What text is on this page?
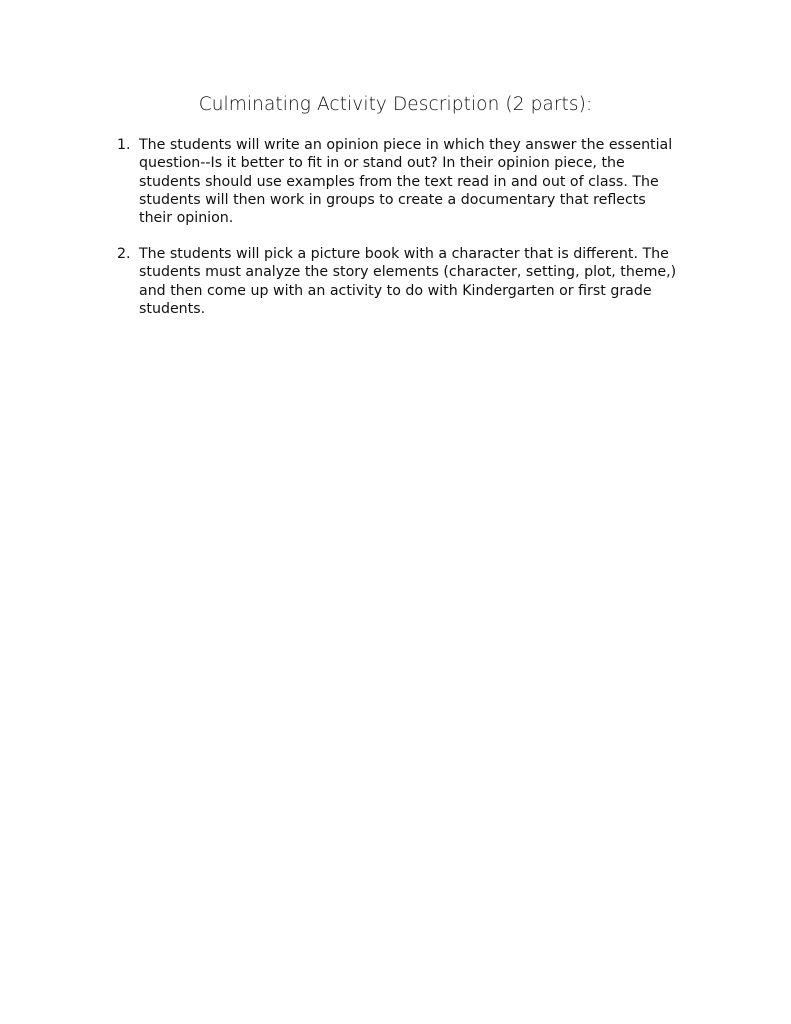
Culminating Activity Description (2 parts):
1. The students will write an opinion piece in which they answer the essential question--Is it better to fit in or stand out? In their opinion piece, the students should use examples from the text read in and out of class. The students will then work in groups to create a documentary that reflects their opinion.
2. The students will pick a picture book with a character that is different. The students must analyze the story elements (character, setting, plot, theme,) and then come up with an activity to do with Kindergarten or first grade students.
